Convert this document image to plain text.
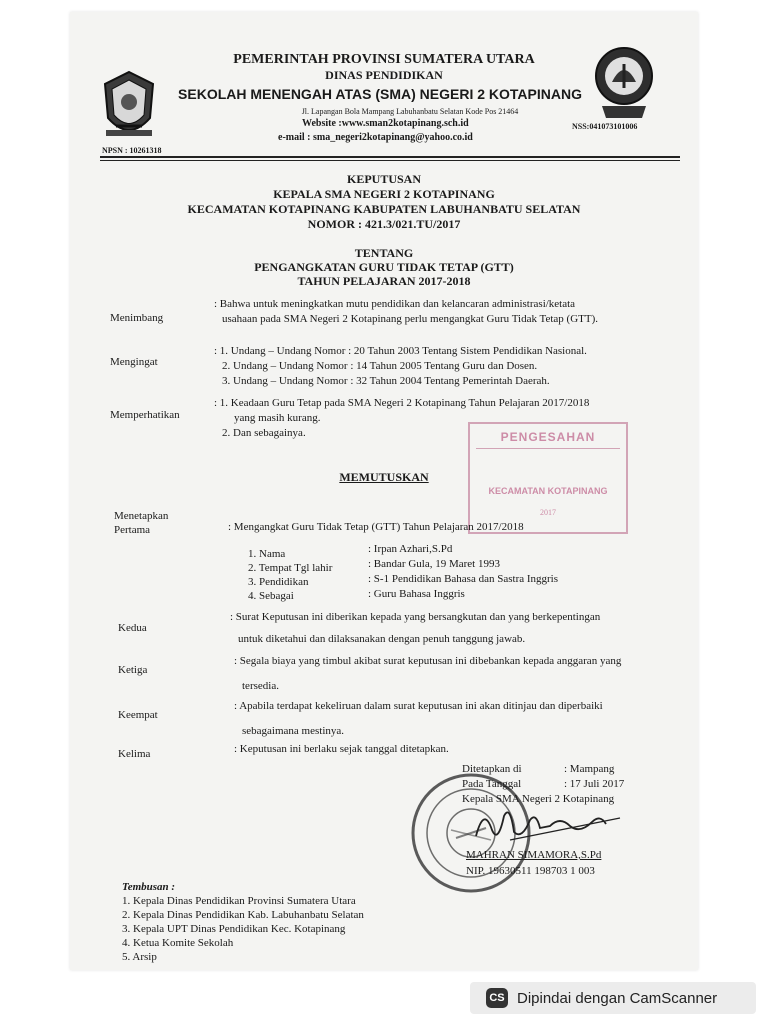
PEMERINTAH PROVINSI SUMATERA UTARA
DINAS PENDIDIKAN
SEKOLAH MENENGAH ATAS (SMA) NEGERI 2 KOTAPINANG
Jl. Lapangan Bola Mampang Labuhanbatu Selatan Kode Pos 21464
Website :www.sman2kotapinang.sch.id
e-mail : sma_negeri2kotapinang@yahoo.co.id
NPSN : 10261318
NSS:041073101006
KEPUTUSAN
KEPALA SMA NEGERI 2 KOTAPINANG
KECAMATAN KOTAPINANG KABUPATEN LABUHANBATU SELATAN
NOMOR : 421.3/021.TU/2017
TENTANG
PENGANGKATAN GURU TIDAK TETAP (GTT)
TAHUN PELAJARAN 2017-2018
Menimbang
: Bahwa untuk meningkatkan mutu pendidikan dan kelancaran administrasi/ketata
usahaan pada SMA Negeri 2 Kotapinang perlu mengangkat Guru Tidak Tetap (GTT).
Mengingat
: 1. Undang – Undang Nomor : 20 Tahun 2003 Tentang Sistem Pendidikan Nasional.
2. Undang – Undang Nomor : 14 Tahun 2005 Tentang Guru dan Dosen.
3. Undang – Undang Nomor : 32 Tahun 2004 Tentang Pemerintah Daerah.
Memperhatikan
: 1. Keadaan Guru Tetap pada SMA Negeri 2 Kotapinang Tahun Pelajaran 2017/2018
yang masih kurang.
2. Dan sebagainya.	PENGESAHAN
KECAMATAN KOTAPINANG
2017
MEMUTUSKAN
Menetapkan
Pertama	: Mengangkat Guru Tidak Tetap (GTT) Tahun Pelajaran 2017/2018
1. Nama	: Irpan Azhari,S.Pd
2. Tempat Tgl lahir	: Bandar Gula, 19 Maret 1993
3. Pendidikan	: S-1 Pendidikan Bahasa dan Sastra Inggris
4. Sebagai	: Guru Bahasa Inggris
Kedua
: Surat Keputusan ini diberikan kepada yang bersangkutan dan yang berkepentingan
untuk diketahui dan dilaksanakan dengan penuh tanggung jawab.
Ketiga
: Segala biaya yang timbul akibat surat keputusan ini dibebankan kepada anggaran yang
tersedia.
Keempat
: Apabila terdapat kekeliruan dalam surat keputusan ini akan ditinjau dan diperbaiki
sebagaimana mestinya.
Kelima	: Keputusan ini berlaku sejak tanggal ditetapkan.
Ditetapkan di	: Mampang
Pada Tanggal	: 17 Juli 2017
Kepala SMA Negeri 2 Kotapinang
MAHRAN SIMAMORA,S.Pd
NIP. 19630511 198703 1 003
Tembusan :
1. Kepala Dinas Pendidikan Provinsi Sumatera Utara
2. Kepala Dinas Pendidikan Kab. Labuhanbatu Selatan
3. Kepala UPT Dinas Pendidikan Kec. Kotapinang
4. Ketua Komite Sekolah
5. Arsip
CS Dipindai dengan CamScanner
